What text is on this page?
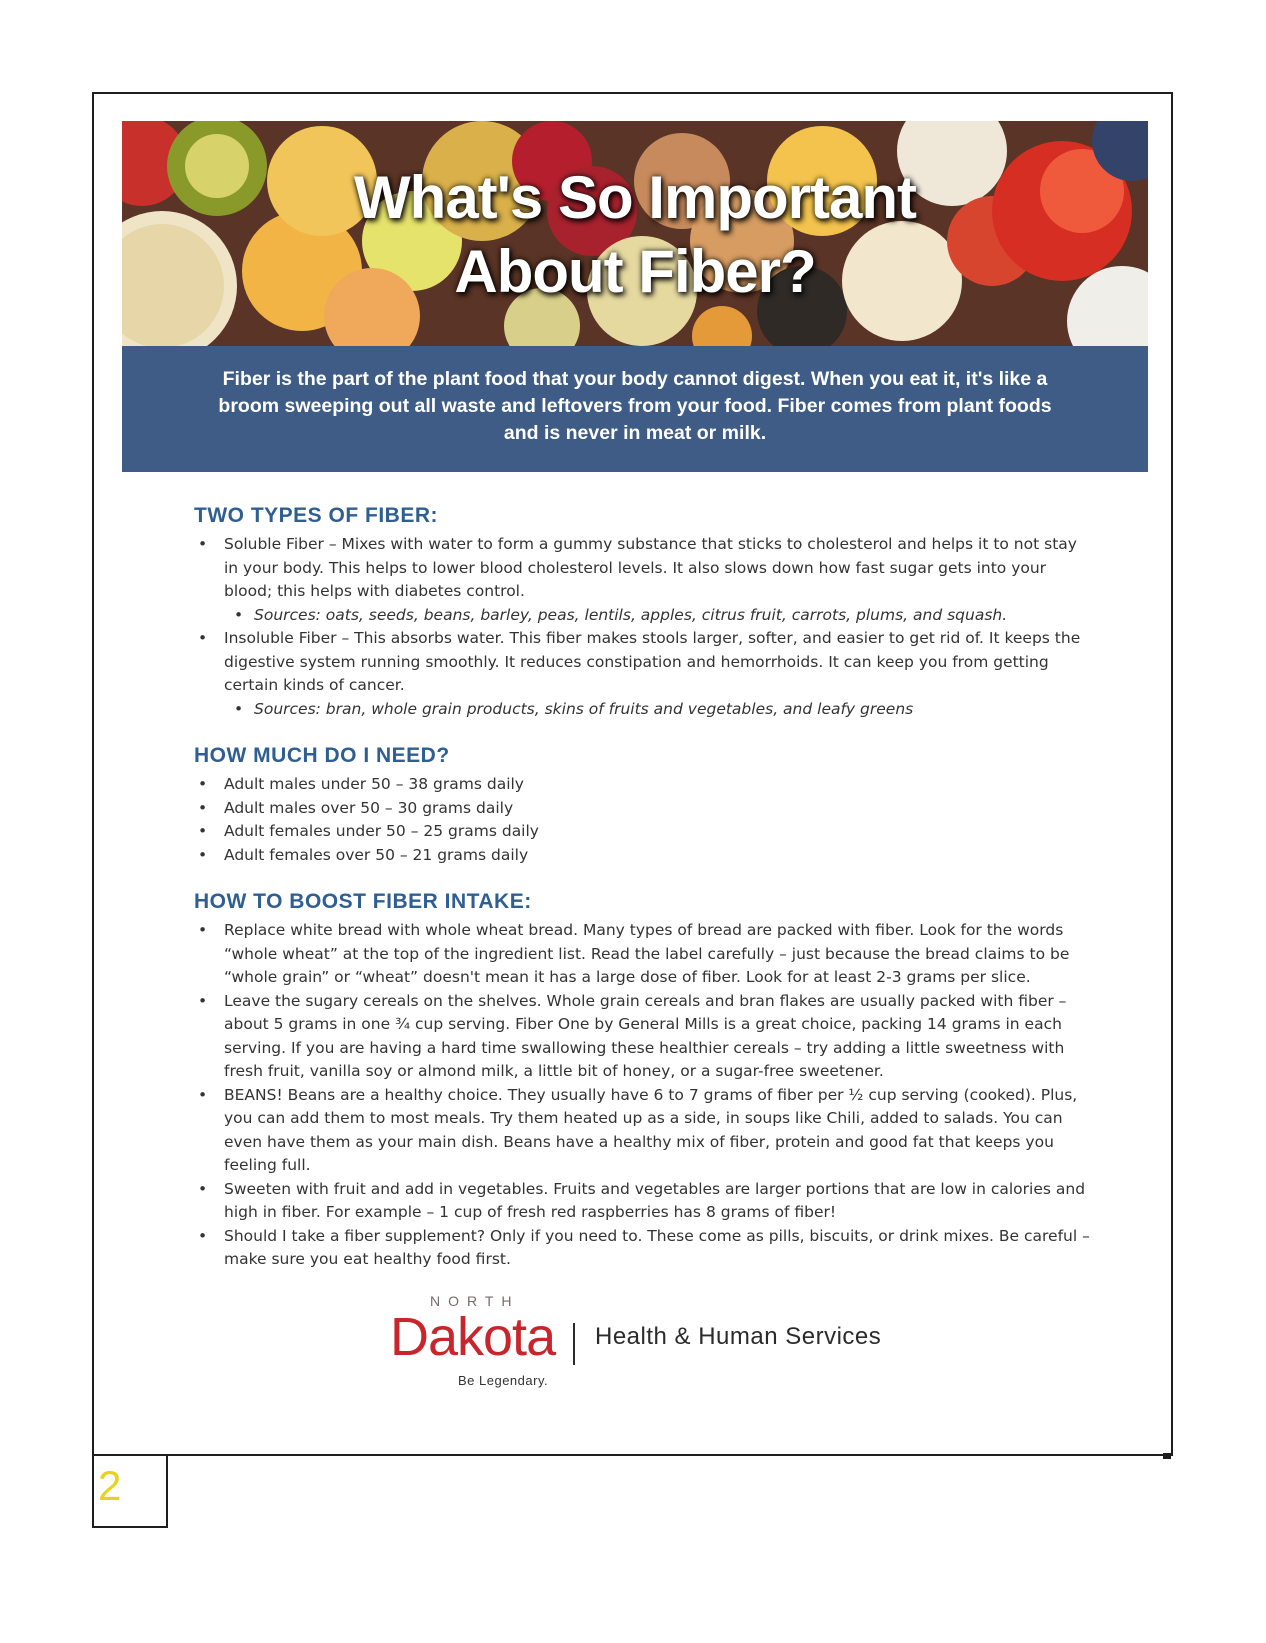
What's So Important
About Fiber?
Fiber is the part of the plant food that your body cannot digest. When you eat it, it's like a broom sweeping out all waste and leftovers from your food. Fiber comes from plant foods and is never in meat or milk.
TWO TYPES OF FIBER:
• Soluble Fiber – Mixes with water to form a gummy substance that sticks to cholesterol and helps it to not stay in your body. This helps to lower blood cholesterol levels. It also slows down how fast sugar gets into your blood; this helps with diabetes control.
• Sources: oats, seeds, beans, barley, peas, lentils, apples, citrus fruit, carrots, plums, and squash.
• Insoluble Fiber – This absorbs water. This fiber makes stools larger, softer, and easier to get rid of. It keeps the digestive system running smoothly. It reduces constipation and hemorrhoids. It can keep you from getting certain kinds of cancer.
• Sources: bran, whole grain products, skins of fruits and vegetables, and leafy greens
HOW MUCH DO I NEED?
• Adult males under 50 – 38 grams daily
• Adult males over 50 – 30 grams daily
• Adult females under 50 – 25 grams daily
• Adult females over 50 – 21 grams daily
HOW TO BOOST FIBER INTAKE:
• Replace white bread with whole wheat bread. Many types of bread are packed with fiber. Look for the words “whole wheat” at the top of the ingredient list. Read the label carefully – just because the bread claims to be “whole grain” or “wheat” doesn't mean it has a large dose of fiber. Look for at least 2-3 grams per slice.
• Leave the sugary cereals on the shelves. Whole grain cereals and bran flakes are usually packed with fiber – about 5 grams in one ¾ cup serving. Fiber One by General Mills is a great choice, packing 14 grams in each serving. If you are having a hard time swallowing these healthier cereals – try adding a little sweetness with fresh fruit, vanilla soy or almond milk, a little bit of honey, or a sugar-free sweetener.
• BEANS! Beans are a healthy choice. They usually have 6 to 7 grams of fiber per ½ cup serving (cooked). Plus, you can add them to most meals. Try them heated up as a side, in soups like Chili, added to salads. You can even have them as your main dish. Beans have a healthy mix of fiber, protein and good fat that keeps you feeling full.
• Sweeten with fruit and add in vegetables. Fruits and vegetables are larger portions that are low in calories and high in fiber. For example – 1 cup of fresh red raspberries has 8 grams of fiber!
• Should I take a fiber supplement? Only if you need to. These come as pills, biscuits, or drink mixes. Be careful –make sure you eat healthy food first.
NORTH
Dakota
Be Legendary.
Health & Human Services
2
